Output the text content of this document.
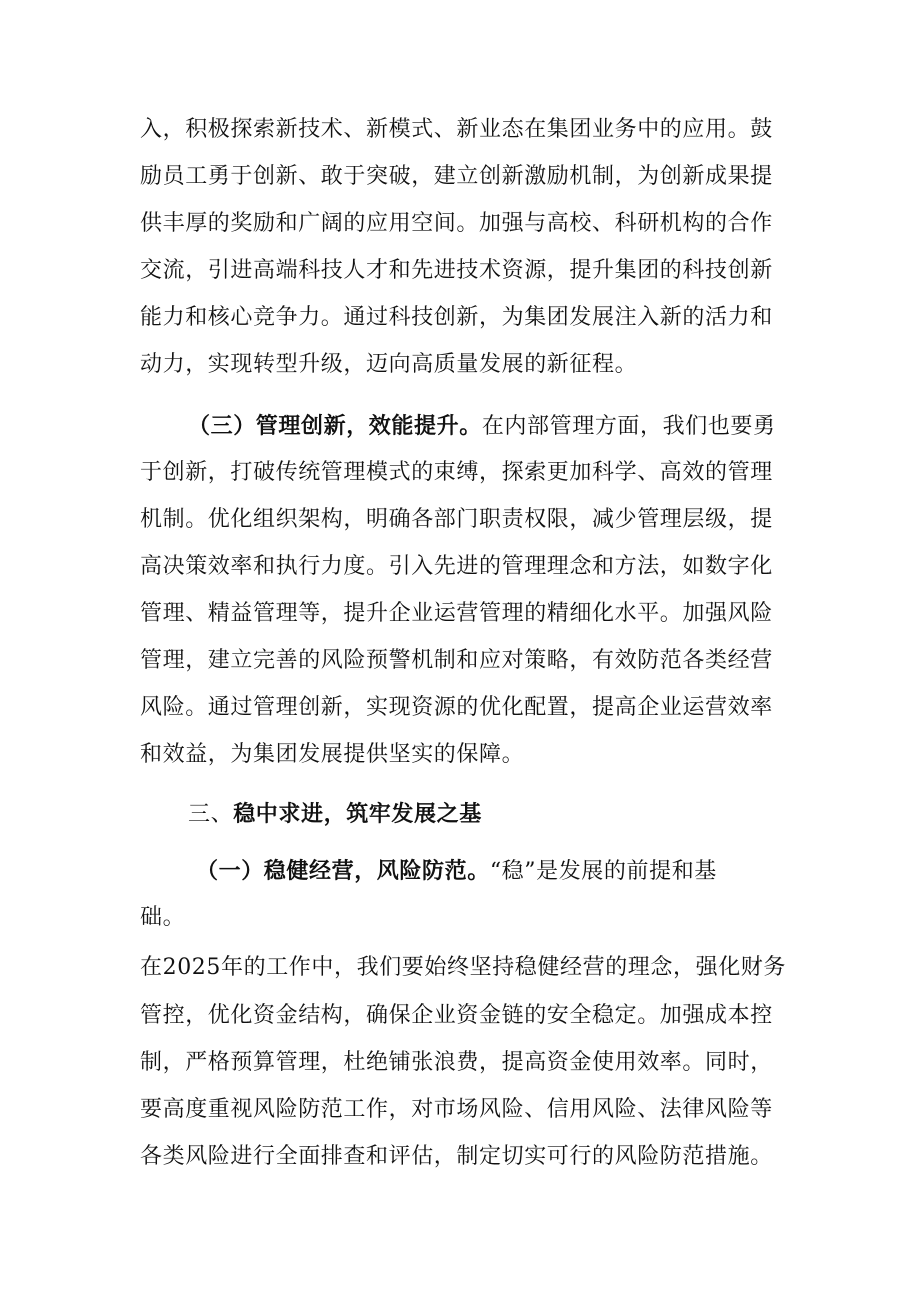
入，积极探索新技术、新模式、新业态在集团业务中的应用。鼓
励员工勇于创新、敢于突破，建立创新激励机制，为创新成果提
供丰厚的奖励和广阔的应用空间。加强与高校、科研机构的合作
交流，引进高端科技人才和先进技术资源，提升集团的科技创新
能力和核心竞争力。通过科技创新，为集团发展注入新的活力和
动力，实现转型升级，迈向高质量发展的新征程。
（三）管理创新，效能提升。在内部管理方面，我们也要勇
于创新，打破传统管理模式的束缚，探索更加科学、高效的管理
机制。优化组织架构，明确各部门职责权限，减少管理层级，提
高决策效率和执行力度。引入先进的管理理念和方法，如数字化
管理、精益管理等，提升企业运营管理的精细化水平。加强风险
管理，建立完善的风险预警机制和应对策略，有效防范各类经营
风险。通过管理创新，实现资源的优化配置，提高企业运营效率
和效益，为集团发展提供坚实的保障。
三、稳中求进，筑牢发展之基
（一）稳健经营，风险防范。“稳”是发展的前提和基
础。
在2025年的工作中，我们要始终坚持稳健经营的理念，强化财务
管控，优化资金结构，确保企业资金链的安全稳定。加强成本控
制，严格预算管理，杜绝铺张浪费，提高资金使用效率。同时，
要高度重视风险防范工作，对市场风险、信用风险、法律风险等
各类风险进行全面排查和评估，制定切实可行的风险防范措施。
